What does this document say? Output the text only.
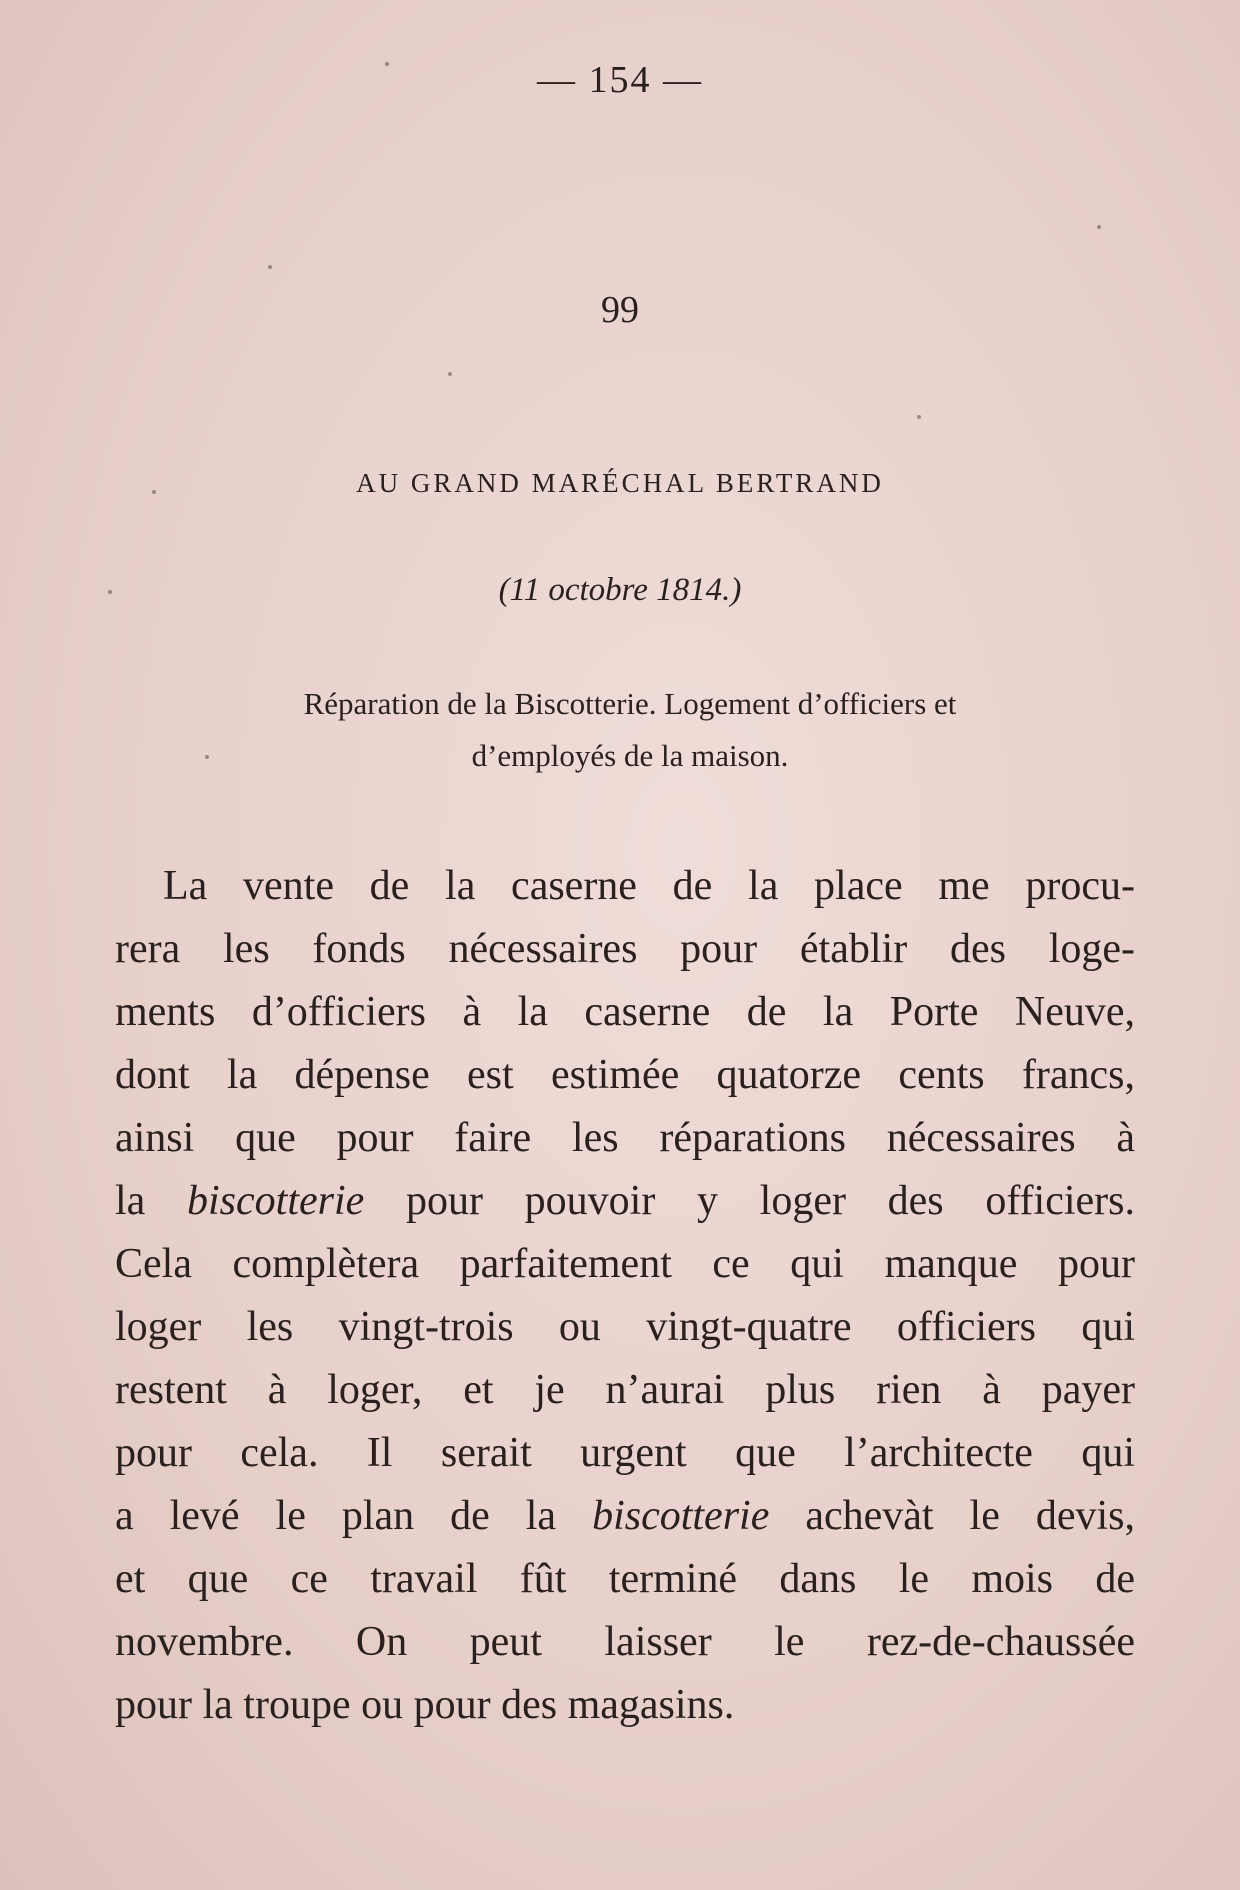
— 154 —
99
AU GRAND MARÉCHAL BERTRAND
(11 octobre 1814.)
Réparation de la Biscotterie. Logement d’officiers et
d’employés de la maison.
La vente de la caserne de la place me procu-
rera les fonds nécessaires pour établir des loge-
ments d’officiers à la caserne de la Porte Neuve,
dont la dépense est estimée quatorze cents francs,
ainsi que pour faire les réparations nécessaires à
la biscotterie pour pouvoir y loger des officiers.
Cela complètera parfaitement ce qui manque pour
loger les vingt-trois ou vingt-quatre officiers qui
restent à loger, et je n’aurai plus rien à payer
pour cela. Il serait urgent que l’architecte qui
a levé le plan de la biscotterie achevàt le devis,
et que ce travail fût terminé dans le mois de
novembre. On peut laisser le rez-de-chaussée
pour la troupe ou pour des magasins.
